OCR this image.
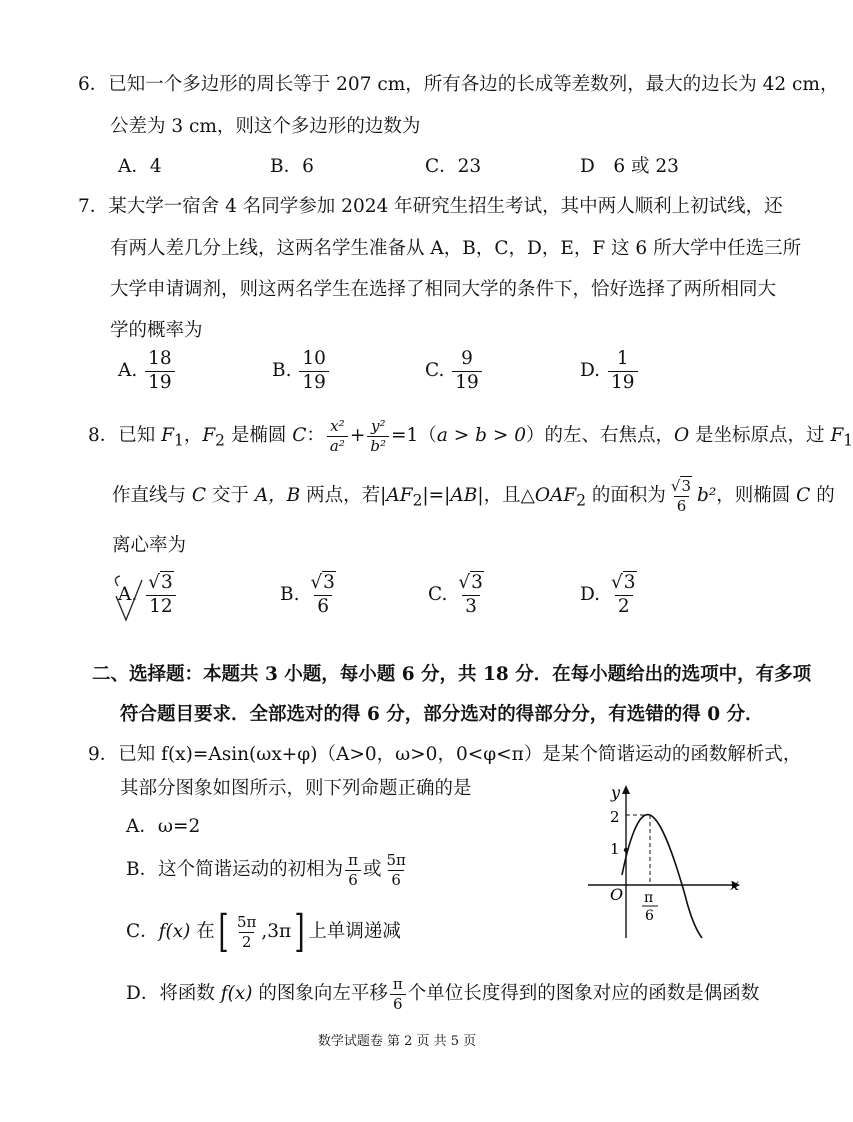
6．已知一个多边形的周长等于 207 cm，所有各边的长成等差数列，最大的边长为 42 cm，
公差为 3 cm，则这个多边形的边数为
A．4	B．6	C．23	D　6 或 23
7．某大学一宿舍 4 名同学参加 2024 年研究生招生考试，其中两人顺利上初试线，还
有两人差几分上线，这两名学生准备从 A，B，C，D，E，F 这 6 所大学中任选三所
大学申请调剂，则这两名学生在选择了相同大学的条件下，恰好选择了两所相同大
学的概率为
A. $\frac{18}{19}$	B. $\frac{10}{19}$	C. $\frac{9}{19}$	D. $\frac{1}{19}$
8．已知 $F_1$，$F_2$ 是椭圆 C： $\frac{\text{x²}}{\text{a²}} + \frac{\text{y²}}{\text{b²}} =1(a > b > 0)$的左、右焦点，O 是坐标原点，过 $F_1$
作直线与 C 交于 A，B 两点，若$|AF_2|=|AB|$，且$\triangle OAF_2$ 的面积为 $\frac{√3}{6} b^2$，则椭圆 C 的
离心率为
A. $\frac{√3}{12}$	B. $\frac{√3}{6}$	C. $\frac{√3}{3}$	D. $\frac{√3}{2}$
二、选择题：本题共 3 小题，每小题 6 分，共 18 分．在每小题给出的选项中，有多项
符合题目要求．全部选对的得 6 分，部分选对的得部分分，有选错的得 0 分．
9．已知 f(x)=Asin(ωx+φ)（A>0，ω>0，0<φ<π）是某个简谐运动的函数解析式，
其部分图象如图所示，则下列命题正确的是
A．ω=2
B．这个简谐运动的初相为 $\frac{\pi}{6}$ 或 $\frac{5\pi}{6}$
C．f(x) 在 [ $\frac{5\pi}{2} ,3\pi$ ] 上单调递减
D．将函数 f(x) 的图象向左平移 $\frac{\pi}{6}$ 个单位长度得到的图象对应的函数是偶函数
y
x
O
2
1
π
6
数学试题卷 第 2 页 共 5 页
